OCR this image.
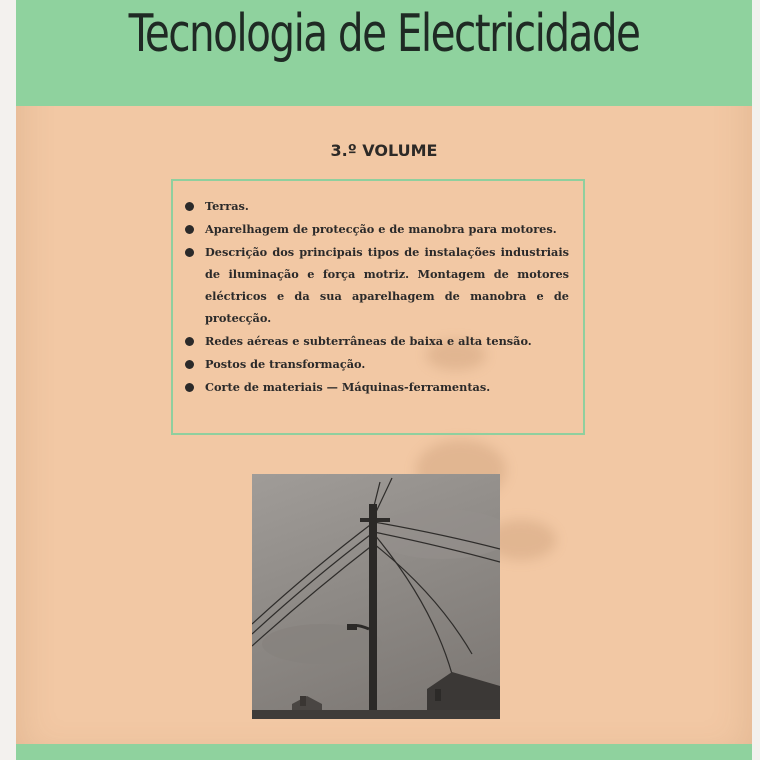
Tecnologia de Electricidade
3.º VOLUME
Terras.
Aparelhagem de protecção e de manobra para motores.
Descrição dos principais tipos de instalações industriais de iluminação e força motriz. Montagem de motores eléctricos e da sua aparelhagem de manobra e de protecção.
Redes aéreas e subterrâneas de baixa e alta tensão.
Postos de transformação.
Corte de materiais — Máquinas-ferramentas.
